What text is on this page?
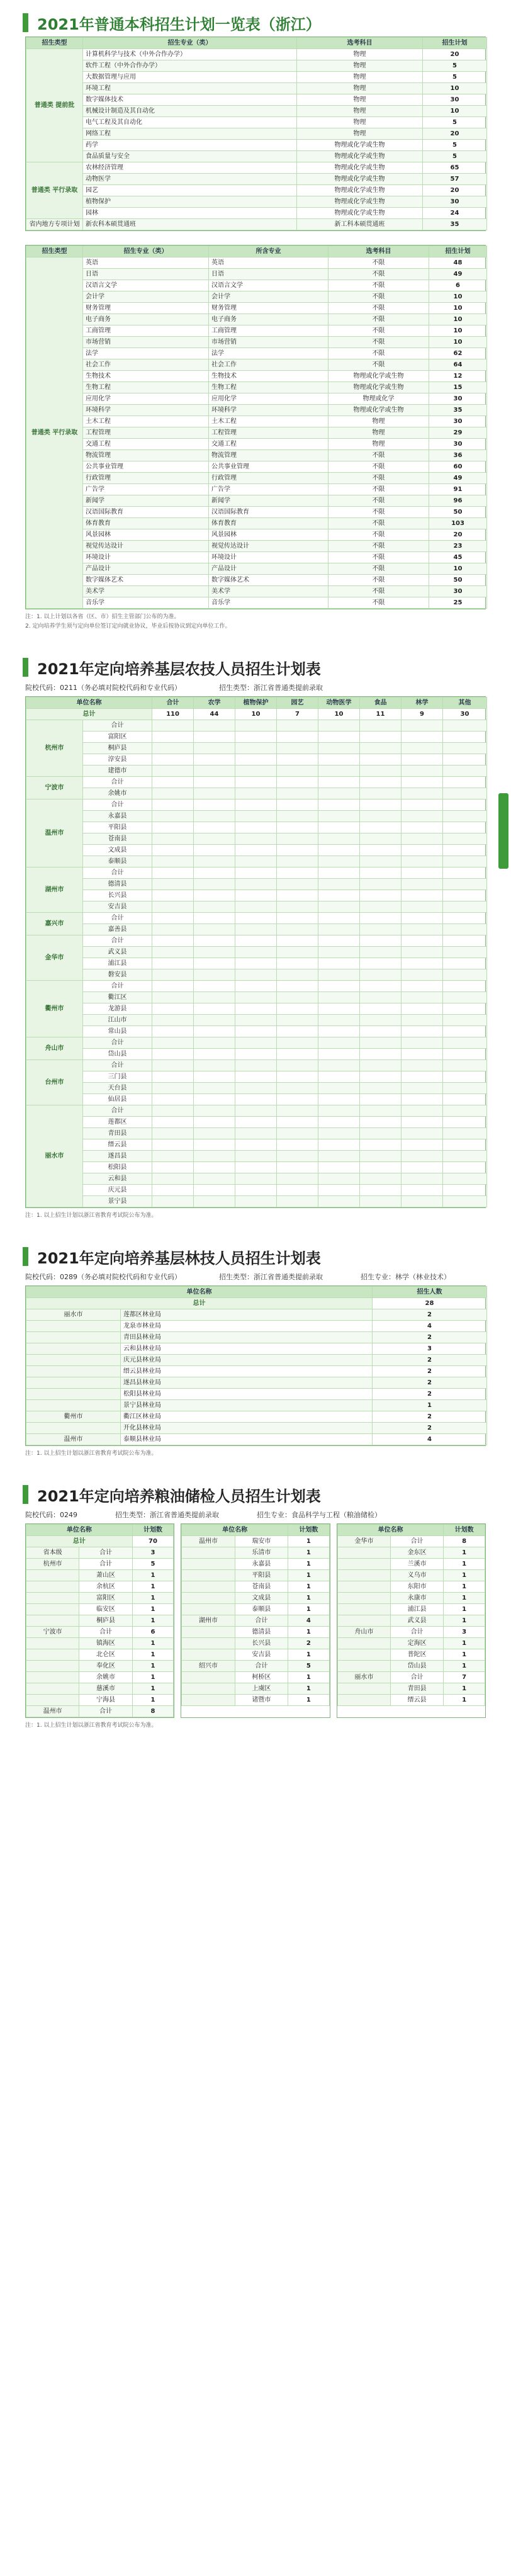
2021年普通本科招生计划一览表（浙江）
招生类型	招生专业（类）	选考科目	招生计划
普通类 提前批	计算机科学与技术（中外合作办学）	物理	20
	软件工程（中外合作办学）	物理	5
	大数据管理与应用	物理	5
	环境工程	物理	10
	数字媒体技术	物理	30
	机械设计制造及其自动化	物理	10
	电气工程及其自动化	物理	5
	网络工程	物理	20
	药学	物理或化学或生物	5
	食品质量与安全	物理或化学或生物	5
普通类 平行录取	农林经济管理	物理或化学或生物	65
	动物医学	物理或化学或生物	57
	园艺	物理或化学或生物	20
	植物保护	物理或化学或生物	30
	园林	物理或化学或生物	24
省内地方专项计划	新农科本硕贯通班	新工科本硕贯通班	35
招生类型	招生专业（类）	所含专业	选考科目	招生计划
普通类 平行录取	英语	英语	不限	48
	日语	日语	不限	49
	汉语言文学	汉语言文学	不限	6
	会计学	会计学	不限	10
	财务管理	财务管理	不限	10
	电子商务	电子商务	不限	10
	工商管理	工商管理	不限	10
	市场营销	市场营销	不限	10
	法学	法学	不限	62
	社会工作	社会工作	不限	64
	生物技术	生物技术	物理或化学或生物	12
	生物工程	生物工程	物理或化学或生物	15
	应用化学	应用化学	物理或化学	30
	环境科学	环境科学	物理或化学或生物	35
	土木工程	土木工程	物理	30
	工程管理	工程管理	物理	29
	交通工程	交通工程	物理	30
	物流管理	物流管理	不限	36
	公共事业管理	公共事业管理	不限	60
	行政管理	行政管理	不限	49
	广告学	广告学	不限	91
	新闻学	新闻学	不限	96
	汉语国际教育	汉语国际教育	不限	50
	体育教育	体育教育	不限	103
	风景园林	风景园林	不限	20
	视觉传达设计	视觉传达设计	不限	23
	环境设计	环境设计	不限	45
	产品设计	产品设计	不限	10
	数字媒体艺术	数字媒体艺术	不限	50
	美术学	美术学	不限	30
	音乐学	音乐学	不限	25

注：1. 以上计划以各省（区、市）招生主管部门公布的为准。

2. 定向培养学生须与定向单位签订定向就业协议，毕业后按协议到定向单位工作。

2021年定向培养基层农技人员招生计划表
院校代码：0211（务必填对院校代码和专业代码）	招生类型：浙江省普通类提前录取
单位名称		合计	农学	植物保护	园艺	动物医学	食品	林学	其他
总计		110	44	10	7	10	11	9	30
杭州市	合计								
	富阳区								
	桐庐县								
	淳安县								
	建德市								
宁波市	合计								
	余姚市								
温州市	合计								
	永嘉县								
	平阳县								
	苍南县								
	文成县								
	泰顺县								
湖州市	合计								
	德清县								
	长兴县								
	安吉县								
嘉兴市	合计								
	嘉善县								
金华市	合计								
	武义县								
	浦江县								
	磐安县								
衢州市	合计								
	衢江区								
	龙游县								
	江山市								
	常山县								
舟山市	合计								
	岱山县								
台州市	合计								
	三门县								
	天台县								
	仙居县								
丽水市	合计								
	莲都区								
	青田县								
	缙云县								
	遂昌县								
	松阳县								
	云和县								
	庆元县								
	景宁县								

注：1. 以上招生计划以浙江省教育考试院公布为准。

2021年定向培养基层林技人员招生计划表
院校代码：0289（务必填对院校代码和专业代码）	招生类型：浙江省普通类提前录取	招生专业：林学（林业技术）
单位名称		招生人数
总计		28
丽水市	莲都区林业局	2
	龙泉市林业局	4
	青田县林业局	2
	云和县林业局	3
	庆元县林业局	2
	缙云县林业局	2
	遂昌县林业局	2
	松阳县林业局	2
	景宁县林业局	1
衢州市	衢江区林业局	2
	开化县林业局	2
温州市	泰顺县林业局	4

注：1. 以上招生计划以浙江省教育考试院公布为准。

2021年定向培养粮油储检人员招生计划表
院校代码：0249	招生类型：浙江省普通类提前录取	招生专业：食品科学与工程（粮油储检）
单位名称		计划数
总计		70
省本级	合计	3
杭州市	合计	5
	萧山区	1
	余杭区	1
	富阳区	1
	临安区	1
	桐庐县	1
宁波市	合计	6
	镇海区	1
	北仑区	1
	奉化区	1
	余姚市	1
	慈溪市	1
	宁海县	1
温州市	合计	8
单位名称		计划数
温州市	瑞安市	1
	乐清市	1
	永嘉县	1
	平阳县	1
	苍南县	1
	文成县	1
	泰顺县	1
湖州市	合计	4
	德清县	1
	长兴县	2
	安吉县	1
绍兴市	合计	5
	柯桥区	1
	上虞区	1
	诸暨市	1
单位名称		计划数
金华市	合计	8
	金东区	1
	兰溪市	1
	义乌市	1
	东阳市	1
	永康市	1
	浦江县	1
	武义县	1
舟山市	合计	3
	定海区	1
	普陀区	1
	岱山县	1
丽水市	合计	7
	青田县	1
	缙云县	1

注：1. 以上招生计划以浙江省教育考试院公布为准。
